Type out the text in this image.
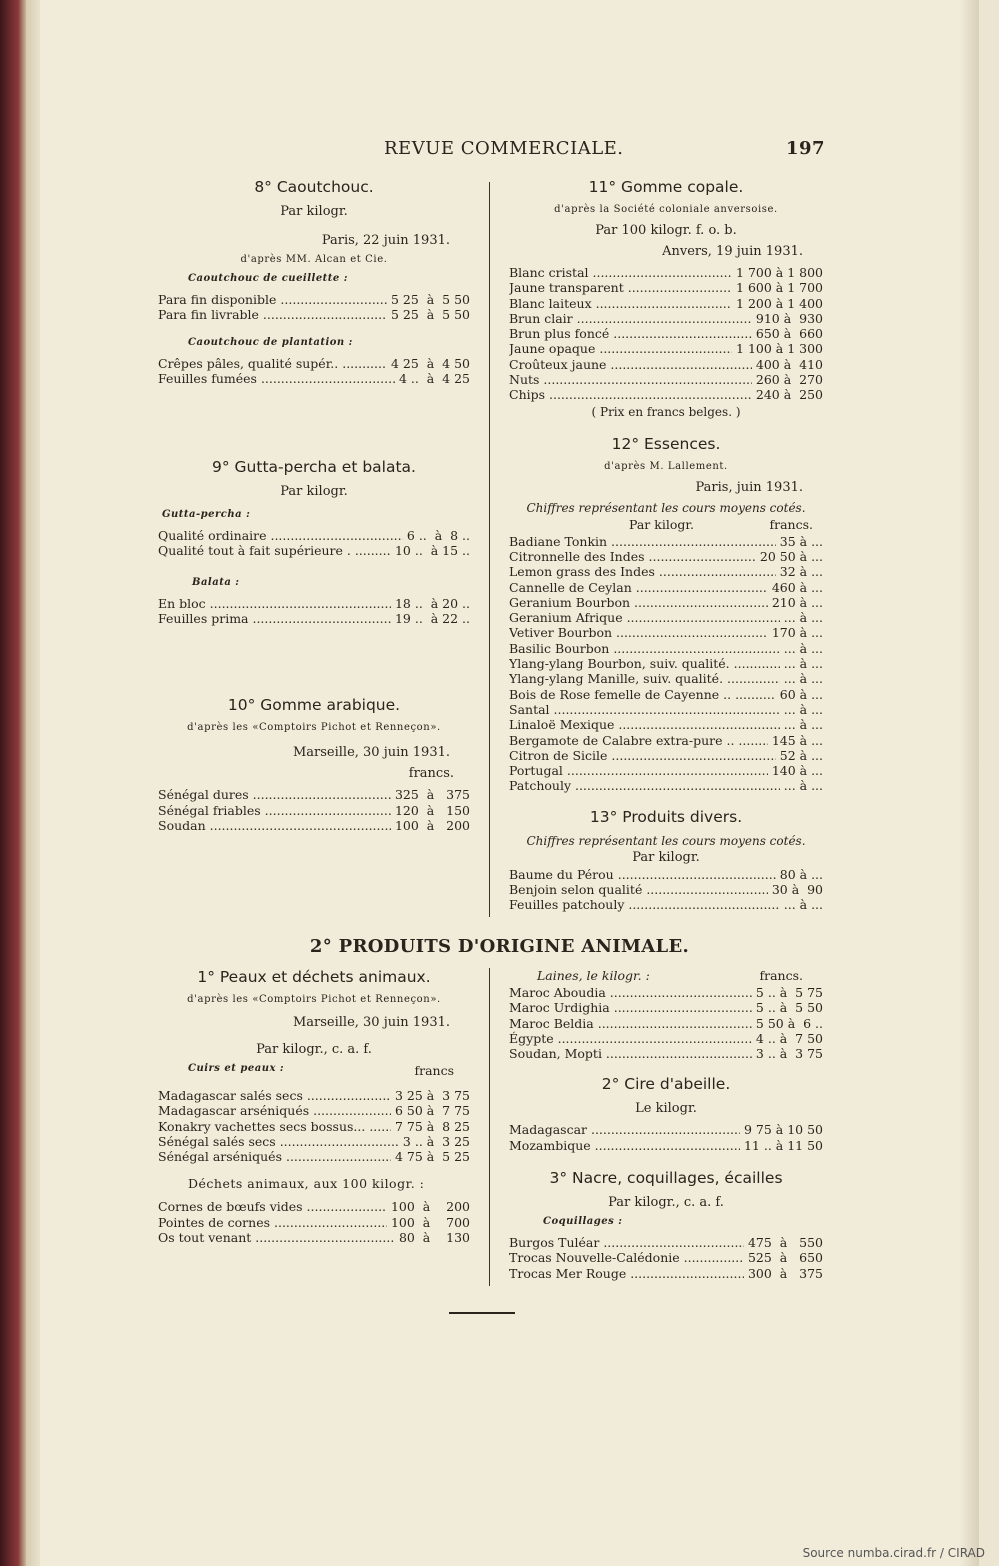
REVUE COMMERCIALE.	197
8° Caoutchouc.
Par kilogr.
Paris, 22 juin 1931.
d'après MM. Alcan et Cie.
Caoutchouc de cueillette :
Para fin disponible .....	5 25  à  5 50
Para fin livrable .....	5 25  à  5 50
Caoutchouc de plantation :
Crêpes pâles, qualité supér.. .....	4 25  à  4 50
Feuilles fumées .....	4 ..  à  4 25
9° Gutta-percha et balata.
Par kilogr.
Gutta-percha :
Qualité ordinaire .....	6 ..  à  8 ..
Qualité tout à fait supérieure . .....	10 ..  à 15 ..
Balata :
En bloc .....	18 ..  à 20 ..
Feuilles prima .....	19 ..  à 22 ..
10° Gomme arabique.
d'après les «Comptoirs Pichot et Renneçon».
Marseille, 30 juin 1931.
francs.
Sénégal dures .....	325  à   375
Sénégal friables .....	120  à   150
Soudan .....	100  à   200
11° Gomme copale.
d'après la Société coloniale anversoise.
Par 100 kilogr. f. o. b.
Anvers, 19 juin 1931.
Blanc cristal .....	1 700 à 1 800
Jaune transparent .....	1 600 à 1 700
Blanc laiteux .....	1 200 à 1 400
Brun clair .....	910 à  930
Brun plus foncé .....	650 à  660
Jaune opaque .....	1 100 à 1 300
Croûteux jaune .....	400 à  410
Nuts .....	260 à  270
Chips .....	240 à  250
( Prix en francs belges. )
12° Essences.
d'après M. Lallement.
Paris, juin 1931.
Chiffres représentant les cours moyens cotés.
Par kilogr.	francs.
Badiane Tonkin .....	35 à ...
Citronnelle des Indes .....	20 50 à ...
Lemon grass des Indes .....	32 à ...
Cannelle de Ceylan .....	460 à ...
Geranium Bourbon .....	210 à ...
Geranium Afrique .....	... à ...
Vetiver Bourbon .....	170 à ...
Basilic Bourbon .....	... à ...
Ylang-ylang Bourbon, suiv. qualité. .....	... à ...
Ylang-ylang Manille, suiv. qualité. .....	... à ...
Bois de Rose femelle de Cayenne .. .....	60 à ...
Santal .....	... à ...
Linaloë Mexique .....	... à ...
Bergamote de Calabre extra-pure .. .....	145 à ...
Citron de Sicile .....	52 à ...
Portugal .....	140 à ...
Patchouly .....	... à ...
13° Produits divers.
Chiffres représentant les cours moyens cotés.
Par kilogr.
Baume du Pérou .....	80 à ...
Benjoin selon qualité .....	30 à  90
Feuilles patchouly .....	... à ...
2° PRODUITS D'ORIGINE ANIMALE.
1° Peaux et déchets animaux.
d'après les «Comptoirs Pichot et Renneçon».
Marseille, 30 juin 1931.
Par kilogr., c. a. f.
Cuirs et peaux :	francs
Madagascar salés secs .....	3 25 à  3 75
Madagascar arséniqués .....	6 50 à  7 75
Konakry vachettes secs bossus... .....	7 75 à  8 25
Sénégal salés secs .....	3 .. à  3 25
Sénégal arséniqués .....	4 75 à  5 25
Déchets animaux, aux 100 kilogr. :
Cornes de bœufs vides .....	100  à    200
Pointes de cornes .....	100  à    700
Os tout venant .....	80  à    130
Laines, le kilogr. :	francs.
Maroc Aboudia .....	5 .. à  5 75
Maroc Urdighia .....	5 .. à  5 50
Maroc Beldia .....	5 50 à  6 ..
Égypte .....	4 .. à  7 50
Soudan, Mopti .....	3 .. à  3 75
2° Cire d'abeille.
Le kilogr.
Madagascar .....	9 75 à 10 50
Mozambique .....	11 .. à 11 50
3° Nacre, coquillages, écailles
Par kilogr., c. a. f.
Coquillages :
Burgos Tuléar .....	475  à   550
Trocas Nouvelle-Calédonie .....	525  à   650
Trocas Mer Rouge .....	300  à   375
Source numba.cirad.fr / CIRAD
